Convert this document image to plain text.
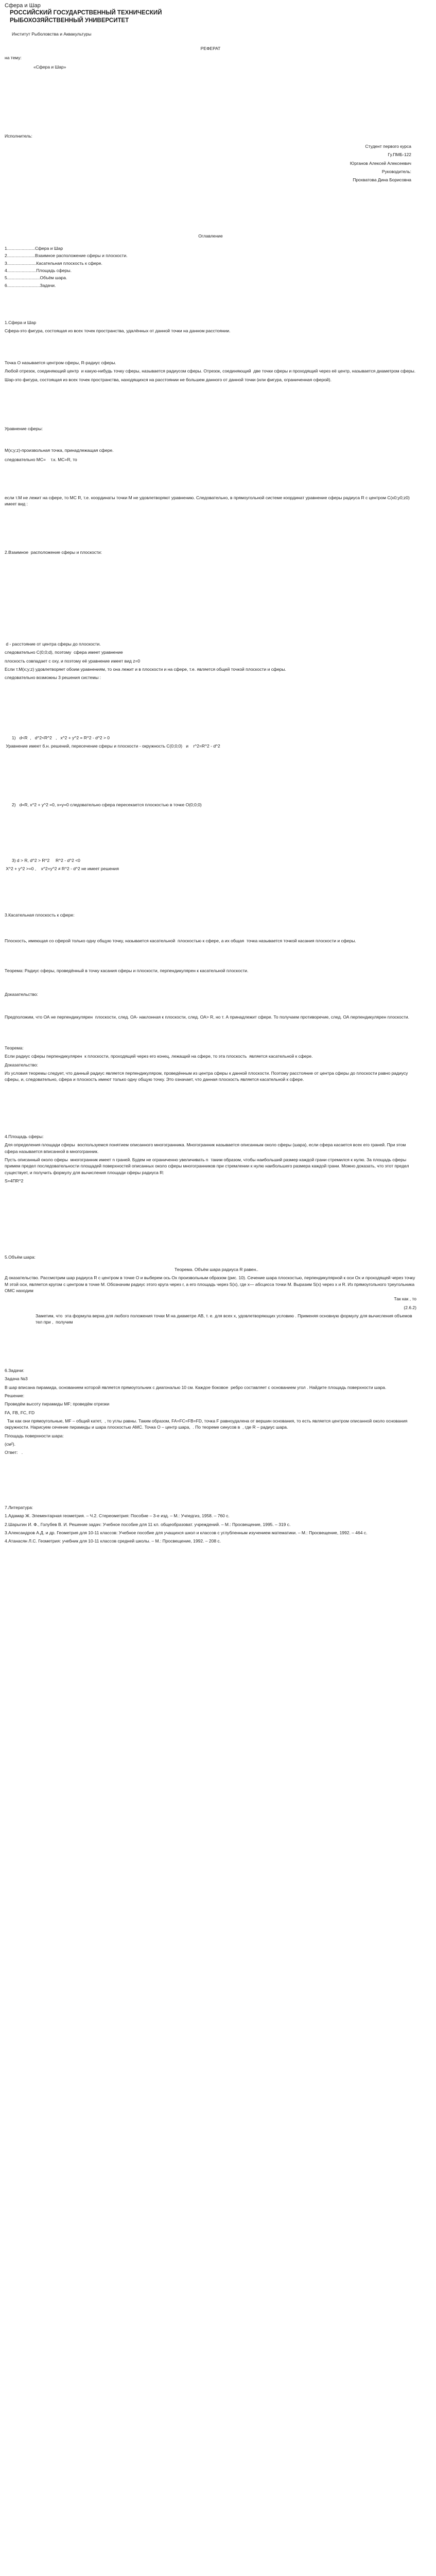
Сфера и Шар
РОССИЙСКИЙ ГОСУДАРСТВЕННЫЙ ТЕХНИЧЕСКИЙ
РЫБОХОЗЯЙСТВЕННЫЙ УНИВЕРСИТЕТ

Институт Рыболовства и Аквакультуры

РЕФЕРАТ

на тему:

«Сфера и Шар»

Исполнитель:

Студент первого курса

Гу.ПМБ-122

Юрганов Алексей Алексеевич

Руководитель:

Прохватова Дина Борисовна

Оглавление

1.......................Сфера и Шар

2.......................Взаимное расположение сферы и плоскости.

3........................Касательная плоскость к сфере.

4........................Площадь сферы.

5...........................Объём шара.

6...........................Задачи.

1.Сфера и Шар

Сфера-это фигура, состоящая из всех точек пространства, удалённых от данной точки на данном расстоянии.

Точка О называется центром сферы, R-радиус сферы.

Любой отрезок, соединяющий центр  и какую-нибудь точку сферы, называется радиусом сферы. Отрезок, соединяющий  две точки сферы и проходящий через её центр, называется диаметром сферы.

Шар-это фигура, состоящая из всех точек пространства, находящихся на расстоянии не большем данного от данной точки (или фигура, ограниченная сферой).

Уравнение сферы:

M(x;y;z)-произвольная точка, принадлежащая сфере.

следовательно МС=    т.к. МС=R, то

если т.М не лежит на сфере, то МС R, т.е. координаты точки М не удовлетворяют уравнению. Следовательно, в прямоугольной системе координат уравнение сферы радиуса R с центром С(x0;y0;z0) имеет вид :

2.Взаимное  расположение сферы и плоскости:

d - расстояние от центра сферы до плоскости.

следовательно С(0;0;d), поэтому  сфера имеет уравнение

плоскость совпадает с оху, и поэтому её уравнение имеет вид z=0

Если т.М(x;y;z) удовлетворяет обоим уравнениям, то она лежит и в плоскости и на сфере, т.е. является общей точкой плоскости и сферы.

следовательно возможны 3 решения системы :

1)   d<R  ,   d^2<R^2   ,   x^2 + y^2 = R^2 - d^2 > 0

Уравнение имеет б.н. решений, пересечение сферы и плоскости - окружность С(0;0;0)   и    r^2=R^2 - d^2

2)   d=R, x^2 + y^2 =0, x=y=0 следовательно сфера пересекается плоскостью в точке О(0;0;0)

3) d > R, d^2 > R^2     R^2 - d^2 <0

X^2 + y^2 >=0 ,    x^2+y^2 ≠ R^2 - d^2 не имеет решения

3.Касательная плоскость к сфере:

Плоскость, имеющая со сферой только одну общую точку, называется касательной  плоскостью к сфере, а их общая  точка называется точкой касания плоскости и сферы.

Теорема: Радиус сферы, проведённый в точку касания сферы и плоскости, перпендикулярен к касательной плоскости.

Доказательство:

Предположим, что ОА не перпендикулярен  плоскости, след. ОА- наклонная к плоскости, след. ОА> R, но т. А принадлежит сфере. То получаем противоречие, след. ОА перпендикулярен плоскости.

Теорема:

Если радиус сферы перпендикулярен  к плоскости, проходящей через его конец, лежащий на сфере, то эта плоскость  является касательной к сфере.

Доказательство:

Из условия теоремы следует, что данный радиус является перпендикуляром, проведённым из центра сферы к данной плоскости. Поэтому расстояние от центра сферы до плоскости равно радиусу сферы, и, следовательно, сфера и плоскость имеют только одну общую точку. Это означает, что данная плоскость является касательной к сфере.

4.Площадь сферы:

Для определения площади сферы  воспользуемся понятием описанного многогранника. Многогранник называется описанным около сферы (шара), если сфера касается всех его граней. При этом сфера называется вписанной в многогранник.

Пусть описанный около сферы  многогранник имеет n граней. Будем не ограниченно увеличивать n  таким образом, чтобы наибольший размер каждой грани стремился к нулю. За площадь сферы примем предел последовательности площадей поверхностей описанных около сферы многогранников при стремлении к нулю наибольшего размера каждой грани. Можно доказать, что этот предел существует, и получить формулу для вычисления площади сферы радиуса R:

S=4ПR^2

5.Объём шара:

Теорема. Объём шара радиуса R равен..

Д оказательство. Рассмотрим шар радиуса R с центром в точке О и выберем ось Ох произвольным образом (рис. 10). Сечение шара плоскостью, перпендикулярной к оси Ох и проходящей через точку М этой оси, является кругом с центром в точке М. Обозначим радиус этого круга через r, а его площадь через S(x), где х— абсцисса точки М. Выразим S(x) через х и R. Из прямоугольного треугольника ОМС находим

Так как , то

(2.6.2)

Заметим, что  эта формула верна для любого положения точки М на диаметре АВ, т. е. для всех х, удовлетворяющих условию . Применяя основную формулу для вычисления объемов тел при ,  получим

6.Задачи:

Задача №3

В шар вписана пирамида, основанием которой является прямоугольник с диагональю 10 см. Каждое боковое  ребро составляет с основанием угол . Найдите площадь поверхности шара.

Решение:

Проведём высоту пирамиды MF; проведём отрезки

FA, FB, FC, FD

Так как они прямоугольные, MF – общий катет,  , то углы равны. Таким образом, FA=FC=FB=FD, точка F равноудалена от вершин основания, то есть является центром описанной около основания окружности. Нарисуем сечение пирамиды и шара плоскостью AMC. Точка O – центр шара,  . По теореме синусов в  , где R – радиус шара.

Площадь поверхности шара:

(см²).

Ответ:   .

7.Литература:

1.Адамар Ж. Элементарная геометрия. – Ч.2. Стереометрия: Пособие – 3-е изд. – М.: Учпедгиз, 1958. – 760 с.

2.Шарыгин И. Ф., Голубев В. И. Решение задач: Учебное пособие для 11 кл. общеобразоват. учреждений. – М.: Просвещение, 1995. – 319 с.

3.Александров А.Д. и др. Геометрия для 10-11 классов: Учебное пособие для учащихся школ и классов с углубленным изучением математики. – М.: Просвещение, 1992. – 464 с.

4.Атанасян Л.С. Геометрия: учебник для 10-11 классов средней школы. – М.: Просвещение, 1992. – 208 с.
